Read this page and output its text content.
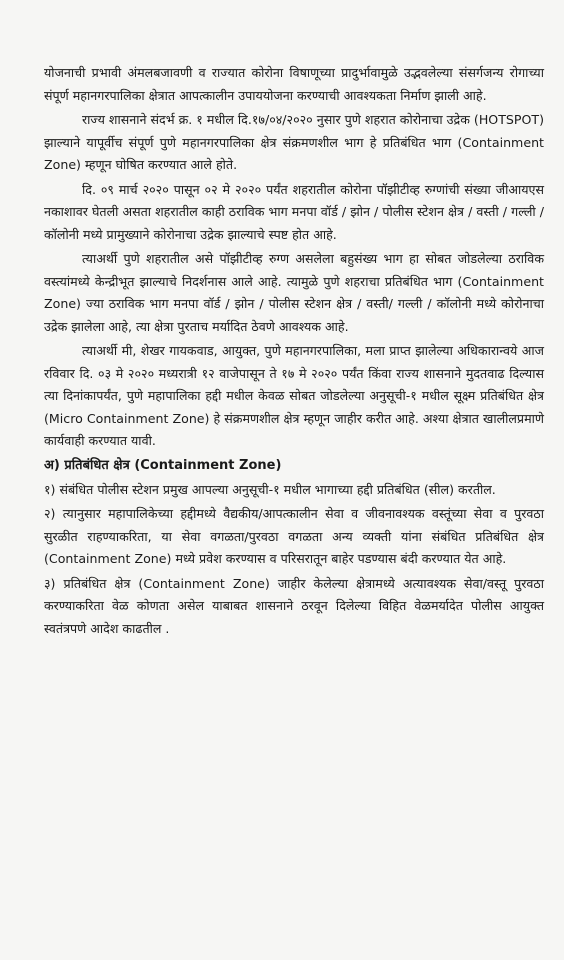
योजनाची प्रभावी अंमलबजावणी व राज्यात कोरोना विषाणूच्या प्रादुर्भावामुळे उद्भवलेल्या संसर्गजन्य रोगाच्या संपूर्ण महानगरपालिका क्षेत्रात आपत्कालीन उपाययोजना करण्याची आवश्यकता निर्माण झाली आहे.

राज्य शासनाने संदर्भ क्र. १ मधील दि.१७/०४/२०२० नुसार पुणे शहरात कोरोनाचा उद्रेक (HOTSPOT) झाल्याने यापूर्वीच संपूर्ण पुणे महानगरपालिका क्षेत्र संक्रमणशील भाग हे प्रतिबंधित भाग (Containment Zone) म्हणून घोषित करण्यात आले होते.

दि. ०९ मार्च २०२० पासून ०२ मे २०२० पर्यंत शहरातील कोरोना पॉझीटीव्ह रुग्णांची संख्या जीआयएस नकाशावर घेतली असता शहरातील काही ठराविक भाग मनपा वॉर्ड / झोन / पोलीस स्टेशन क्षेत्र / वस्ती / गल्ली / कॉलोनी मध्ये प्रामुख्याने कोरोनाचा उद्रेक झाल्याचे स्पष्ट होत आहे.

त्याअर्थी पुणे शहरातील असे पॉझीटीव्ह रुग्ण असलेला बहुसंख्य भाग हा सोबत जोडलेल्या ठराविक वस्त्यांमध्ये केन्द्रीभूत झाल्याचे निदर्शनास आले आहे. त्यामुळे पुणे शहराचा प्रतिबंधित भाग (Containment Zone) ज्या ठराविक भाग मनपा वॉर्ड / झोन / पोलीस स्टेशन क्षेत्र / वस्ती/ गल्ली / कॉलोनी मध्ये कोरोनाचा उद्रेक झालेला आहे, त्या क्षेत्रा पुरताच मर्यादित ठेवणे आवश्यक आहे.

त्याअर्थी मी, शेखर गायकवाड, आयुक्त, पुणे महानगरपालिका, मला प्राप्त झालेल्या अधिकारान्वये आज रविवार दि. ०३ मे २०२० मध्यरात्री १२ वाजेपासून ते १७ मे २०२० पर्यंत किंवा राज्य शासनाने मुदतवाढ दिल्यास त्या दिनांकापर्यंत, पुणे महापालिका हद्दी मधील केवळ सोबत जोडलेल्या अनुसूची-१ मधील सूक्ष्म प्रतिबंधित क्षेत्र (Micro Containment Zone) हे संक्रमणशील क्षेत्र म्हणून जाहीर करीत आहे. अश्या क्षेत्रात खालीलप्रमाणे कार्यवाही करण्यात यावी.

अ) प्रतिबंधित क्षेत्र (Containment Zone)

१) संबंधित पोलीस स्टेशन प्रमुख आपल्या अनुसूची-१ मधील भागाच्या हद्दी प्रतिबंधित (सील) करतील.

२) त्यानुसार महापालिकेच्या हद्दीमध्ये वैद्यकीय/आपत्कालीन सेवा व जीवनावश्यक वस्तूंच्या सेवा व पुरवठा सुरळीत राहण्याकरिता, या सेवा वगळता/पुरवठा वगळता अन्य व्यक्ती यांना संबंधित प्रतिबंधित क्षेत्र (Containment Zone) मध्ये प्रवेश करण्यास व परिसरातून बाहेर पडण्यास बंदी करण्यात येत आहे.

३) प्रतिबंधित क्षेत्र (Containment Zone) जाहीर केलेल्या क्षेत्रामध्ये अत्यावश्यक सेवा/वस्तू पुरवठा करण्याकरिता वेळ कोणता असेल याबाबत शासनाने ठरवून दिलेल्या विहित वेळमर्यादेत पोलीस आयुक्त स्वतंत्रपणे आदेश काढतील .
